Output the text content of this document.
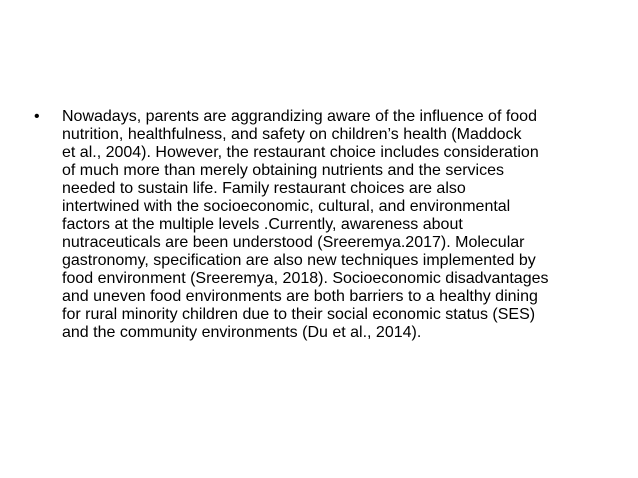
•	Nowadays, parents are aggrandizing aware of the influence of food
nutrition, healthfulness, and safety on children’s health (Maddock
et al., 2004). However, the restaurant choice includes consideration
of much more than merely obtaining nutrients and the services
needed to sustain life. Family restaurant choices are also
intertwined with the socioeconomic, cultural, and environmental
factors at the multiple levels .Currently, awareness about
nutraceuticals are been understood (Sreeremya.2017). Molecular
gastronomy, specification are also new techniques implemented by
food environment (Sreeremya, 2018). Socioeconomic disadvantages
and uneven food environments are both barriers to a healthy dining
for rural minority children due to their social economic status (SES)
and the community environments (Du et al., 2014).
